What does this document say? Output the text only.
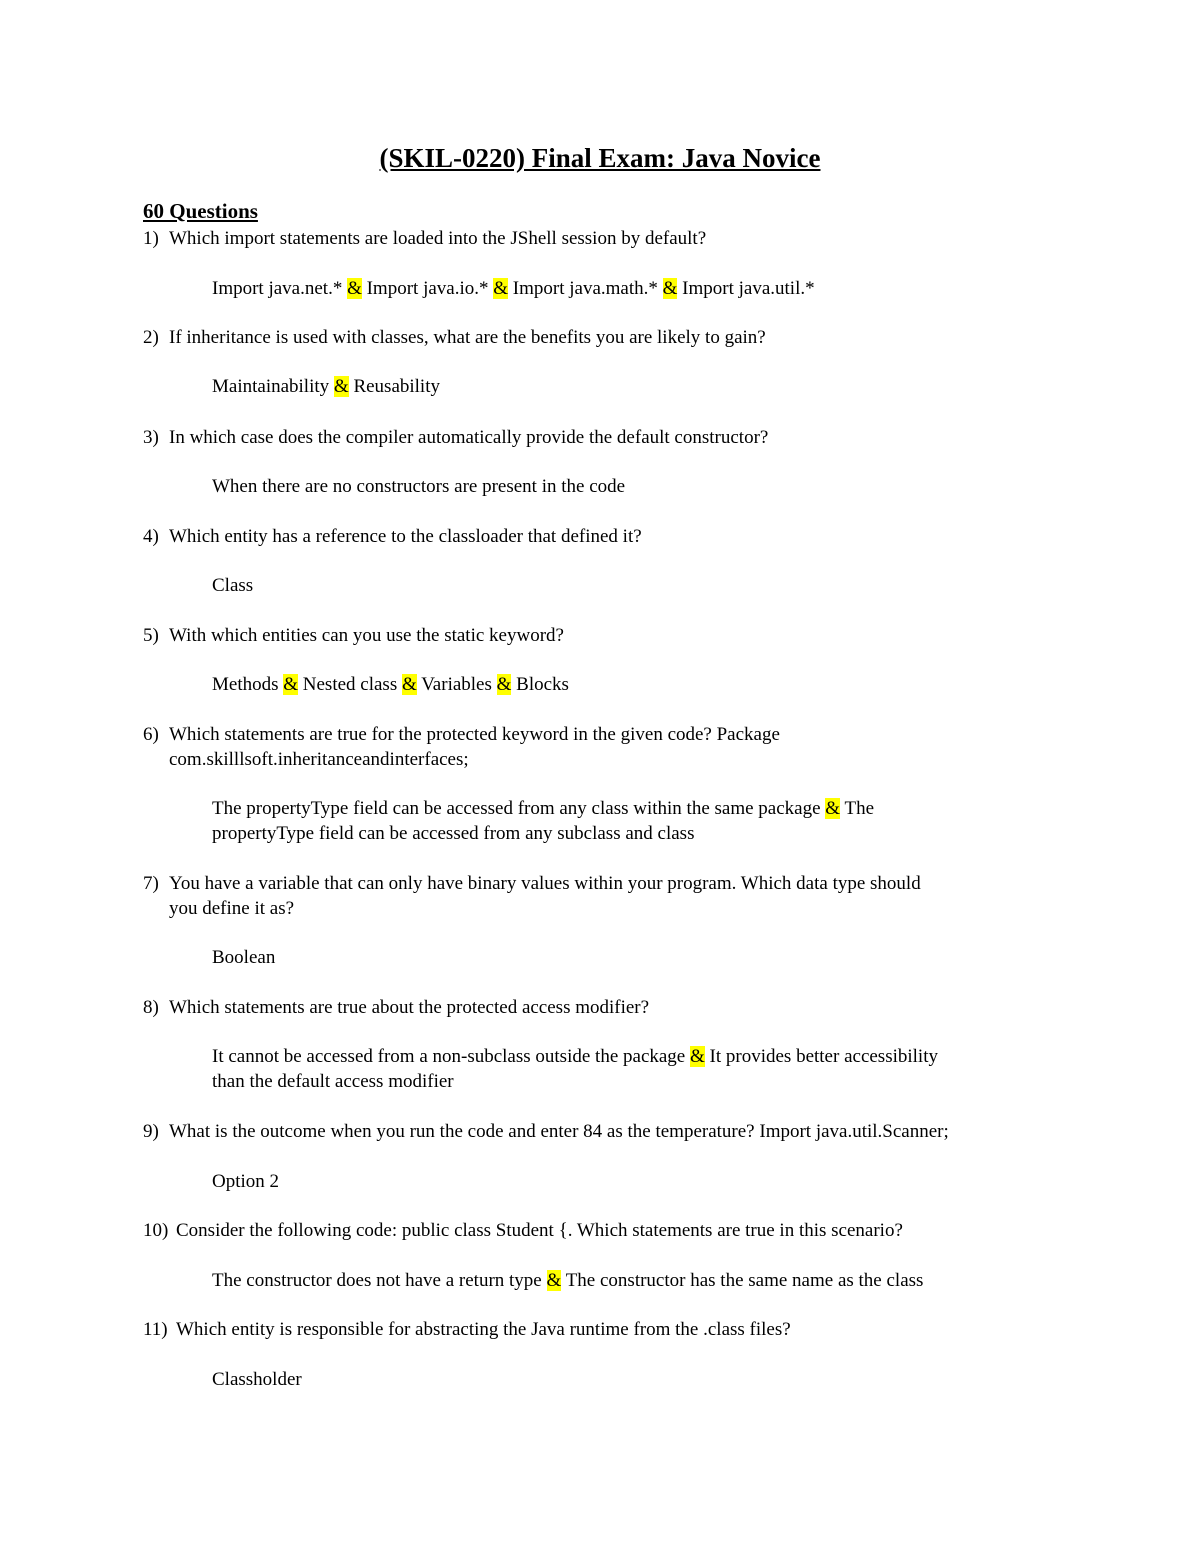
(SKIL-0220) Final Exam: Java Novice
60 Questions
1) Which import statements are loaded into the JShell session by default?
Import java.net.* & Import java.io.* & Import java.math.* & Import java.util.*
2) If inheritance is used with classes, what are the benefits you are likely to gain?
Maintainability & Reusability
3) In which case does the compiler automatically provide the default constructor?
When there are no constructors are present in the code
4) Which entity has a reference to the classloader that defined it?
Class
5) With which entities can you use the static keyword?
Methods & Nested class & Variables & Blocks
6) Which statements are true for the protected keyword in the given code? Package
com.skilllsoft.inheritanceandinterfaces;
The propertyType field can be accessed from any class within the same package & The
propertyType field can be accessed from any subclass and class
7) You have a variable that can only have binary values within your program. Which data type should
you define it as?
Boolean
8) Which statements are true about the protected access modifier?
It cannot be accessed from a non-subclass outside the package & It provides better accessibility
than the default access modifier
9) What is the outcome when you run the code and enter 84 as the temperature? Import java.util.Scanner;
Option 2
10) Consider the following code: public class Student {. Which statements are true in this scenario?
The constructor does not have a return type & The constructor has the same name as the class
11) Which entity is responsible for abstracting the Java runtime from the .class files?
Classholder
